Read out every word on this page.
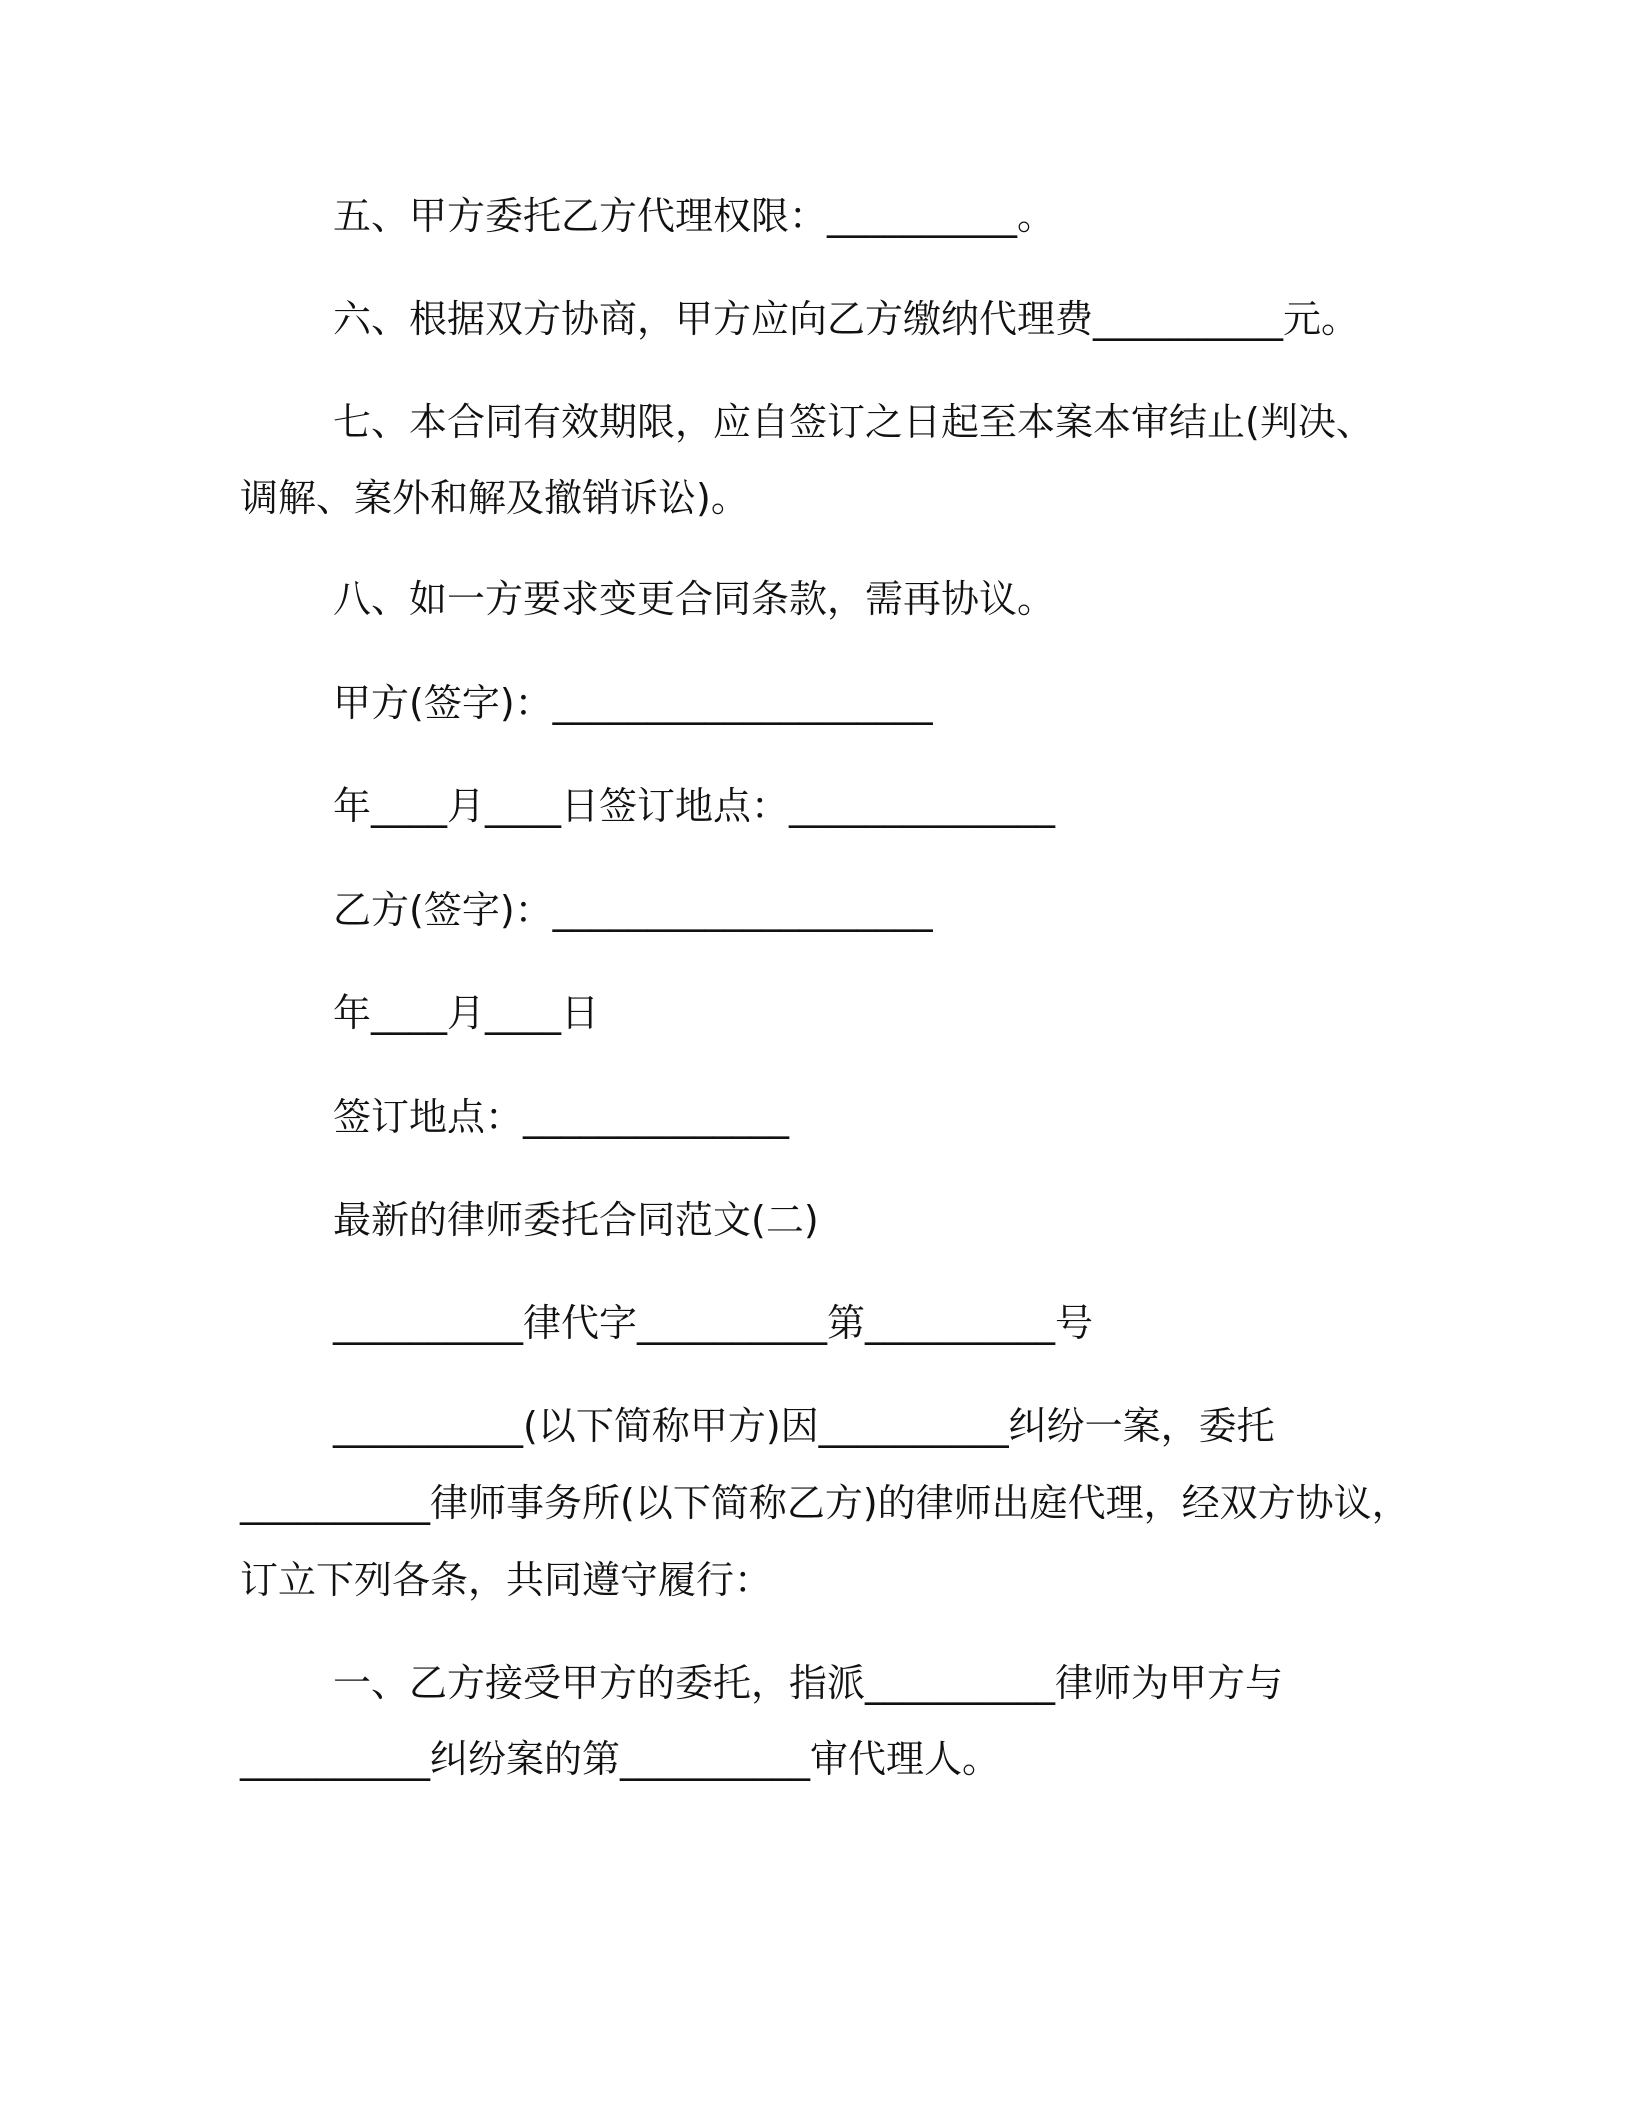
五、甲方委托乙方代理权限：__________。
六、根据双方协商，甲方应向乙方缴纳代理费__________元。
七、本合同有效期限，应自签订之日起至本案本审结止(判决、
调解、案外和解及撤销诉讼)。
八、如一方要求变更合同条款，需再协议。
甲方(签字)：____________________
年____月____日签订地点：______________
乙方(签字)：____________________
年____月____日
签订地点：______________
最新的律师委托合同范文(二)
__________律代字__________第__________号
__________(以下简称甲方)因__________纠纷一案，委托
__________律师事务所(以下简称乙方)的律师出庭代理，经双方协议，
订立下列各条，共同遵守履行：
一、乙方接受甲方的委托，指派__________律师为甲方与
__________纠纷案的第__________审代理人。
